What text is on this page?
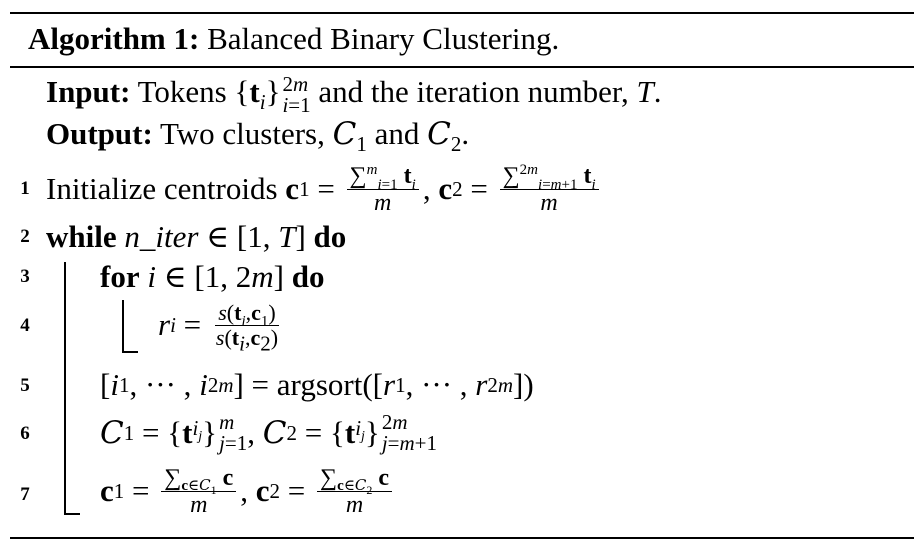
Algorithm 1: Balanced Binary Clustering.
Input: Tokens $\{t_i\}$ 2m
i=1 and the iteration number, T.
Output: Two clusters, $C_1$ and $C_2$.
1
2
3
4
5
6
7
Initialize centroids
c $1 = \frac{\sum^m_{i=1} t_i}{m}$ , c $2 = \frac{\sum^{2m}_{i=m+1} t_i}{m}$
while
n_iter ∈ [1, T ] do
for
i ∈ [1, 2 m ] do
r $i = \frac{s(t_i,c_1)}{s(t_i,c_2)}$
[ i 1 , ··· , i 2m ] = argsort ([ r 1 , ··· , r 2m ])
C 1 = { t $i_j$ } m
j=1 , C 2 = { t $i_j$ } 2m
j=m+1
c $1 = \frac{\sum_{c\in C_1} c}{m}$ , c $2 = \frac{\sum_{c\in C_2} c}{m}$
